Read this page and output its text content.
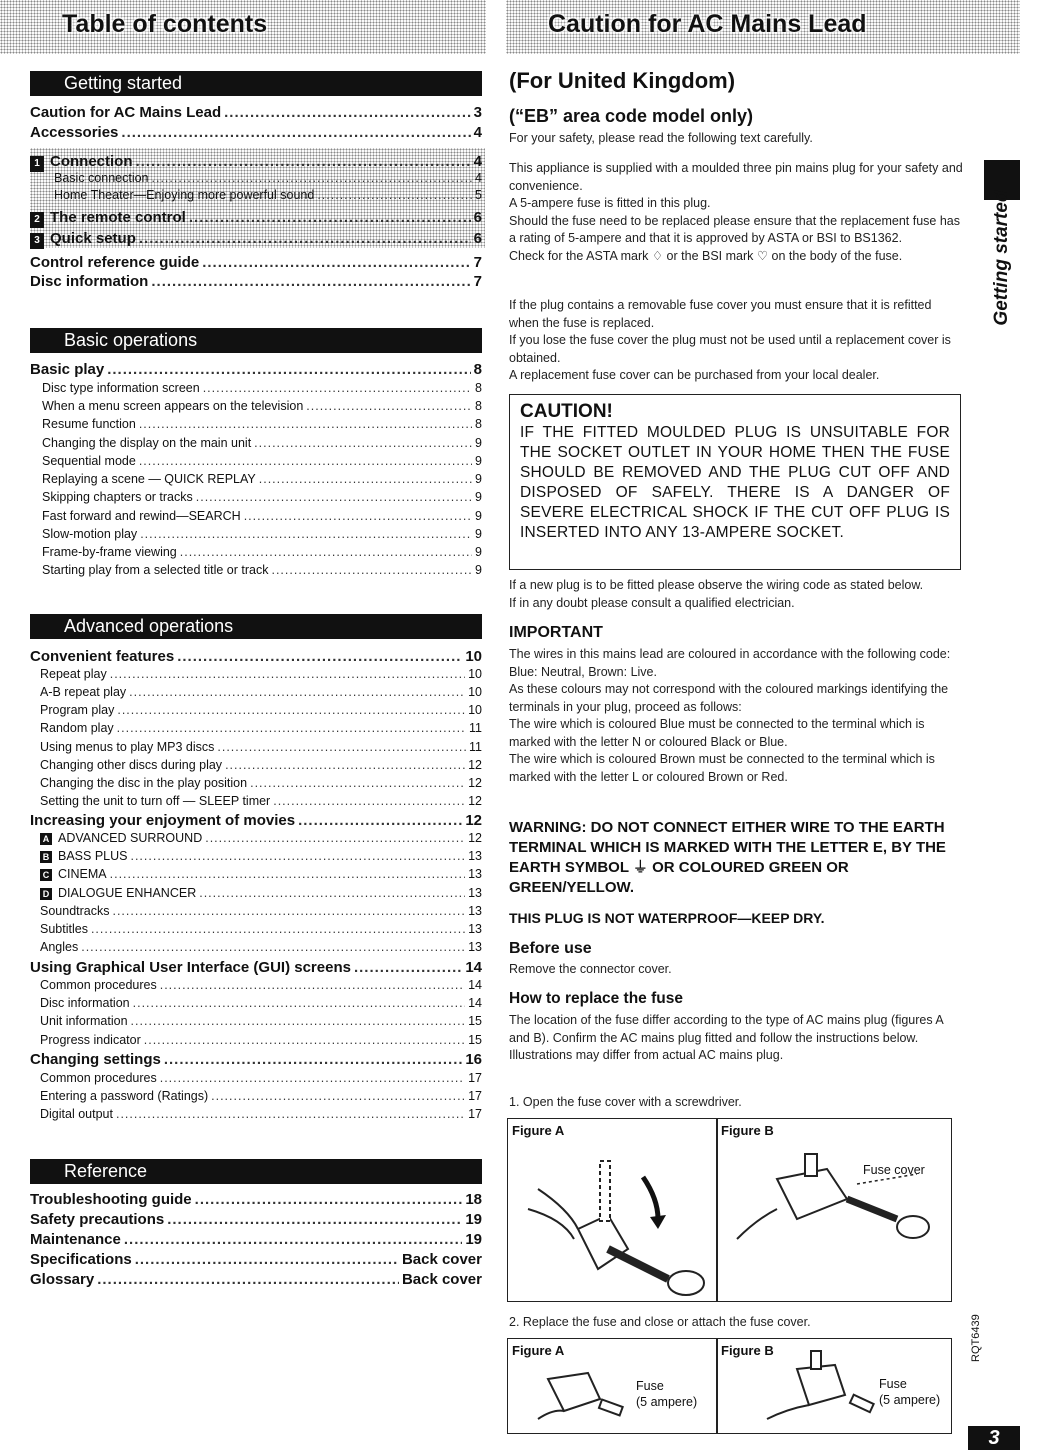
Table of contents	Caution for AC Mains Lead
Getting started
Caution for AC Mains Lead .....	3
Accessories .....	4
1 Connection .....	4
Basic connection .....	4
Home Theater—Enjoying more powerful sound .....	5
2 The remote control .....	6
3 Quick setup .....	6
Control reference guide .....	7
Disc information .....	7
Basic operations
Basic play .....	8
Disc type information screen .....	8
When a menu screen appears on the television .....	8
Resume function .....	8
Changing the display on the main unit .....	9
Sequential mode .....	9
Replaying a scene — QUICK REPLAY .....	9
Skipping chapters or tracks .....	9
Fast forward and rewind—SEARCH .....	9
Slow-motion play .....	9
Frame-by-frame viewing .....	9
Starting play from a selected title or track .....	9
Advanced operations
Convenient features .....	10
Repeat play .....	10
A-B repeat play .....	10
Program play .....	10
Random play .....	11
Using menus to play MP3 discs .....	11
Changing other discs during play .....	12
Changing the disc in the play position .....	12
Setting the unit to turn off — SLEEP timer .....	12
Increasing your enjoyment of movies .....	12
A ADVANCED SURROUND .....	12
B BASS PLUS .....	13
C CINEMA .....	13
D DIALOGUE ENHANCER .....	13
Soundtracks .....	13
Subtitles .....	13
Angles .....	13
Using Graphical User Interface (GUI) screens .....	14
Common procedures .....	14
Disc information .....	14
Unit information .....	15
Progress indicator .....	15
Changing settings .....	16
Common procedures .....	17
Entering a password (Ratings) .....	17
Digital output .....	17
Reference
Troubleshooting guide .....	18
Safety precautions .....	19
Maintenance .....	19
Specifications .....	Back cover
Glossary .....	Back cover
(For United Kingdom)
(“EB” area code model only)
For your safety, please read the following text carefully.
This appliance is supplied with a moulded three pin mains plug for your safety and convenience.
A 5-ampere fuse is fitted in this plug.
Should the fuse need to be replaced please ensure that the replacement fuse has a rating of 5-ampere and that it is approved by ASTA or BSI to BS1362.
Check for the ASTA mark ♢ or the BSI mark ♡ on the body of the fuse.
If the plug contains a removable fuse cover you must ensure that it is refitted when the fuse is replaced.
If you lose the fuse cover the plug must not be used until a replacement cover is obtained.
A replacement fuse cover can be purchased from your local dealer.
CAUTION!
IF THE FITTED MOULDED PLUG IS UNSUITABLE FOR THE SOCKET OUTLET IN YOUR HOME THEN THE FUSE SHOULD BE REMOVED AND THE PLUG CUT OFF AND DISPOSED OF SAFELY. THERE IS A DANGER OF SEVERE ELECTRICAL SHOCK IF THE CUT OFF PLUG IS INSERTED INTO ANY 13-AMPERE SOCKET.
If a new plug is to be fitted please observe the wiring code as stated below.
If in any doubt please consult a qualified electrician.
IMPORTANT
The wires in this mains lead are coloured in accordance with the following code:
Blue: Neutral, Brown: Live.
As these colours may not correspond with the coloured markings identifying the terminals in your plug, proceed as follows:
The wire which is coloured Blue must be connected to the terminal which is marked with the letter N or coloured Black or Blue.
The wire which is coloured Brown must be connected to the terminal which is marked with the letter L or coloured Brown or Red.
WARNING: DO NOT CONNECT EITHER WIRE TO THE EARTH TERMINAL WHICH IS MARKED WITH THE LETTER E, BY THE EARTH SYMBOL ⏚ OR COLOURED GREEN OR GREEN/YELLOW.
THIS PLUG IS NOT WATERPROOF—KEEP DRY.
Before use
Remove the connector cover.
How to replace the fuse
The location of the fuse differ according to the type of AC mains plug (figures A and B). Confirm the AC mains plug fitted and follow the instructions below.
Illustrations may differ from actual AC mains plug.
1. Open the fuse cover with a screwdriver.
Figure A	Figure B
Fuse cover
2. Replace the fuse and close or attach the fuse cover.
Figure A
Fuse
(5 ampere)
Figure B
Fuse
(5 ampere)
Getting started
RQT6439
3
